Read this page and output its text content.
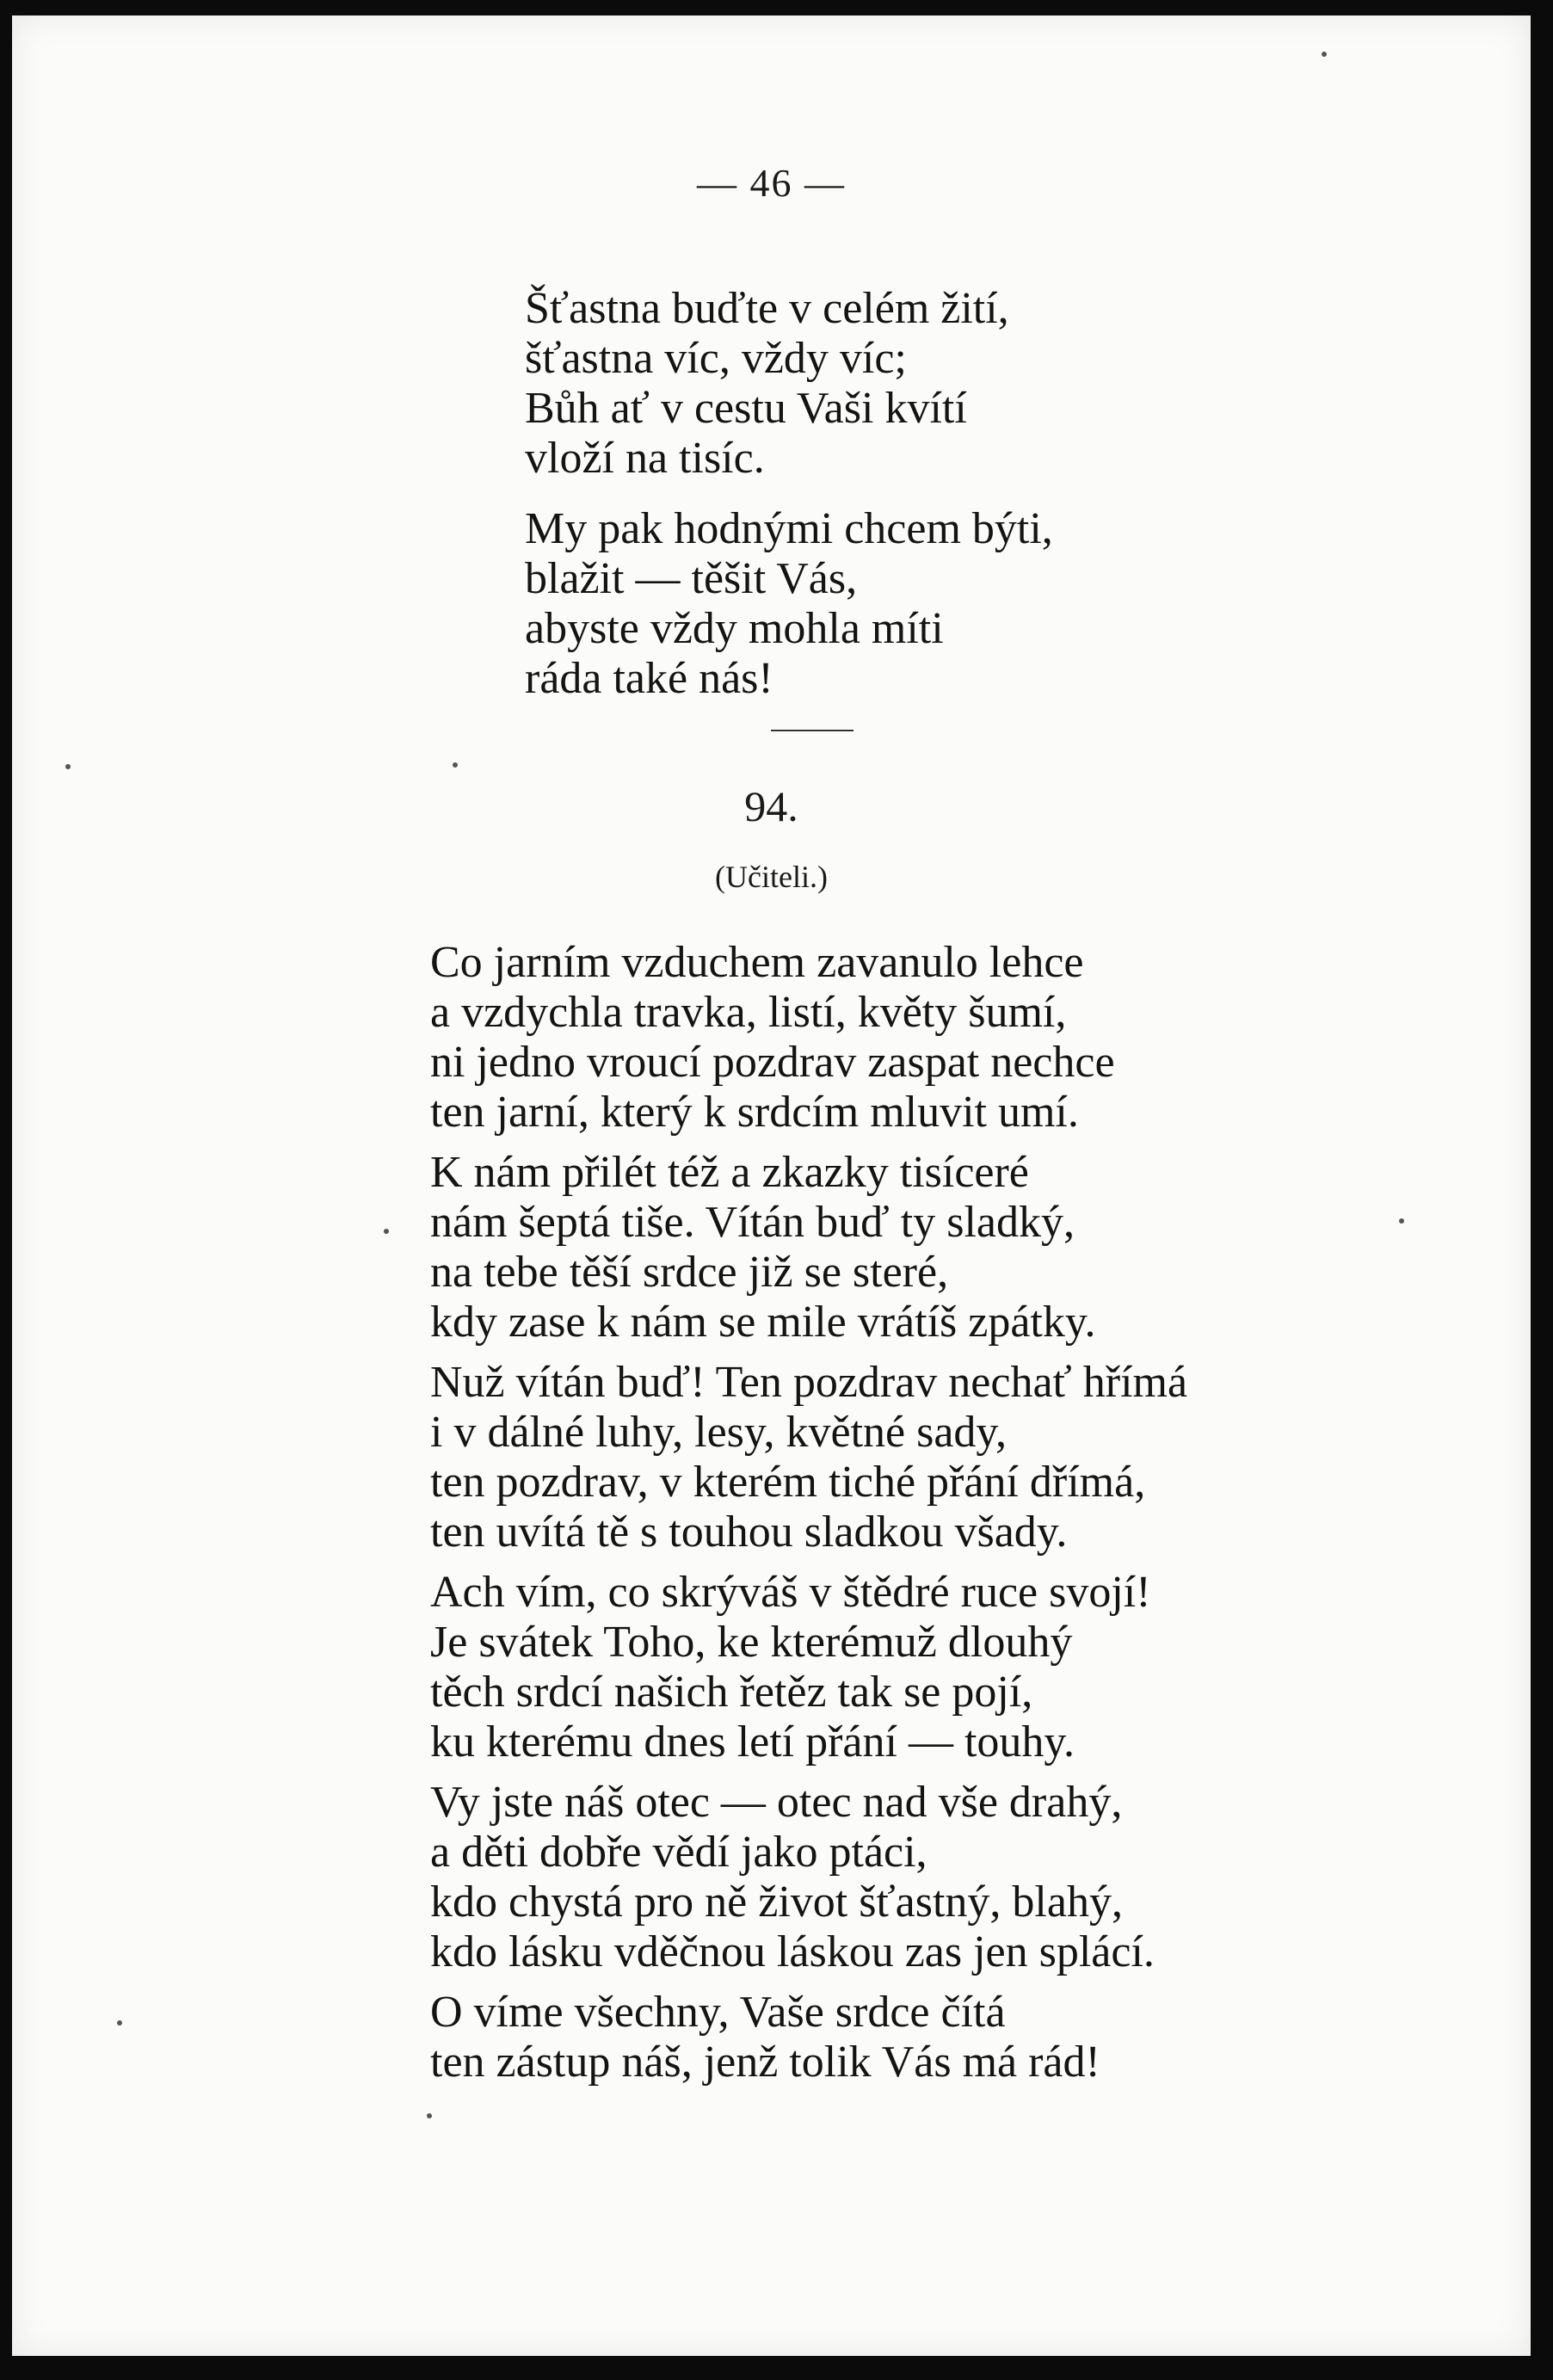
— 46 —
Šťastna buďte v celém žití,
šťastna víc, vždy víc;
Bůh ať v cestu Vaši kvítí
vloží na tisíc.
My pak hodnými chcem býti,
blažit — těšit Vás,
abyste vždy mohla míti
ráda také nás!
94.
(Učiteli.)
Co jarním vzduchem zavanulo lehce
a vzdychla travka, listí, květy šumí,
ni jedno vroucí pozdrav zaspat nechce
ten jarní, který k srdcím mluvit umí.
K nám přilét též a zkazky tisíceré
nám šeptá tiše. Vítán buď ty sladký,
na tebe těší srdce již se steré,
kdy zase k nám se mile vrátíš zpátky.
Nuž vítán buď! Ten pozdrav nechať hřímá
i v dálné luhy, lesy, květné sady,
ten pozdrav, v kterém tiché přání dřímá,
ten uvítá tě s touhou sladkou všady.
Ach vím, co skrýváš v štědré ruce svojí!
Je svátek Toho, ke kterémuž dlouhý
těch srdcí našich řetěz tak se pojí,
ku kterému dnes letí přání — touhy.
Vy jste náš otec — otec nad vše drahý,
a děti dobře vědí jako ptáci,
kdo chystá pro ně život šťastný, blahý,
kdo lásku vděčnou láskou zas jen splácí.
O víme všechny, Vaše srdce čítá
ten zástup náš, jenž tolik Vás má rád!
